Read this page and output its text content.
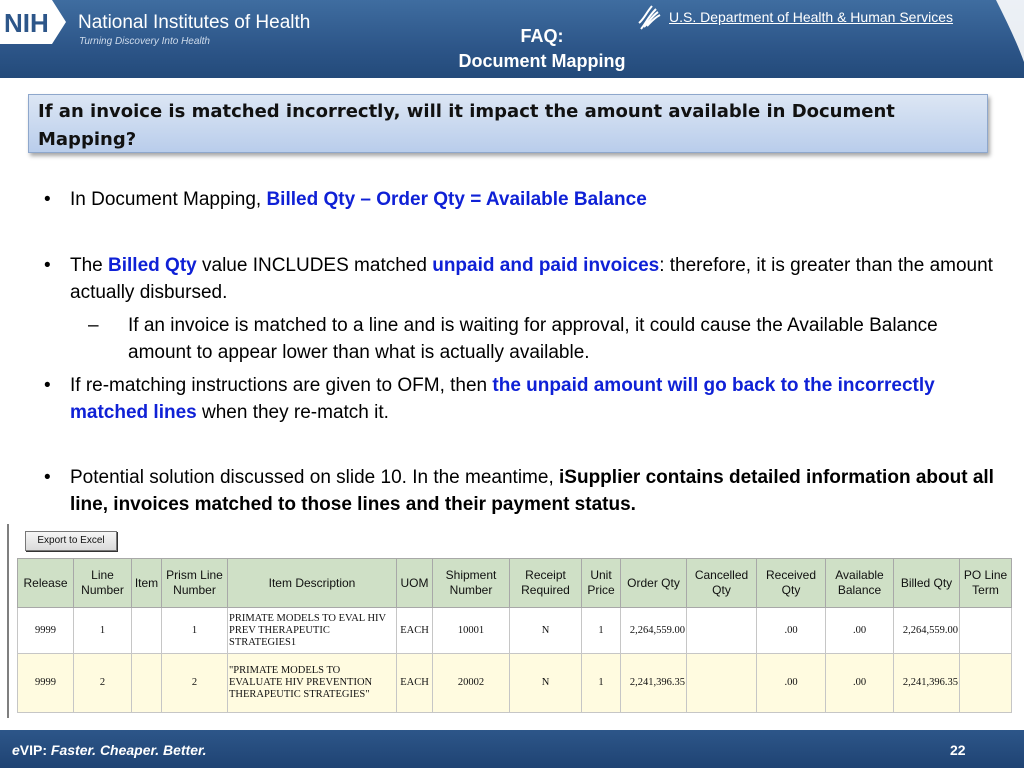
NIH National Institutes of Health
Turning Discovery Into Health
U.S. Department of Health & Human Services
FAQ:
Document Mapping
If an invoice is matched incorrectly, will it impact the amount available in Document Mapping?
• In Document Mapping, Billed Qty – Order Qty = Available Balance
• The Billed Qty value INCLUDES matched unpaid and paid invoices: therefore, it is greater than the amount actually disbursed.
– If an invoice is matched to a line and is waiting for approval, it could cause the Available Balance amount to appear lower than what is actually available.
• If re-matching instructions are given to OFM, then the unpaid amount will go back to the incorrectly matched lines when they re-match it.
• Potential solution discussed on slide 10. In the meantime, iSupplier contains detailed information about all line, invoices matched to those lines and their payment status.
Export to Excel
Release	Line Number	Item	Prism Line Number	Item Description	UOM	Shipment Number	Receipt Required	Unit Price	Order Qty	Cancelled Qty	Received Qty	Available Balance	Billed Qty	PO Line Term
9999	1		1	PRIMATE MODELS TO EVAL HIV PREV THERAPEUTIC STRATEGIES1	EACH	10001	N	1	2,264,559.00		.00	.00	2,264,559.00	
9999	2		2	"PRIMATE MODELS TO EVALUATE HIV PREVENTION THERAPEUTIC STRATEGIES"	EACH	20002	N	1	2,241,396.35		.00	.00	2,241,396.35	
eVIP: Faster. Cheaper. Better.	22
